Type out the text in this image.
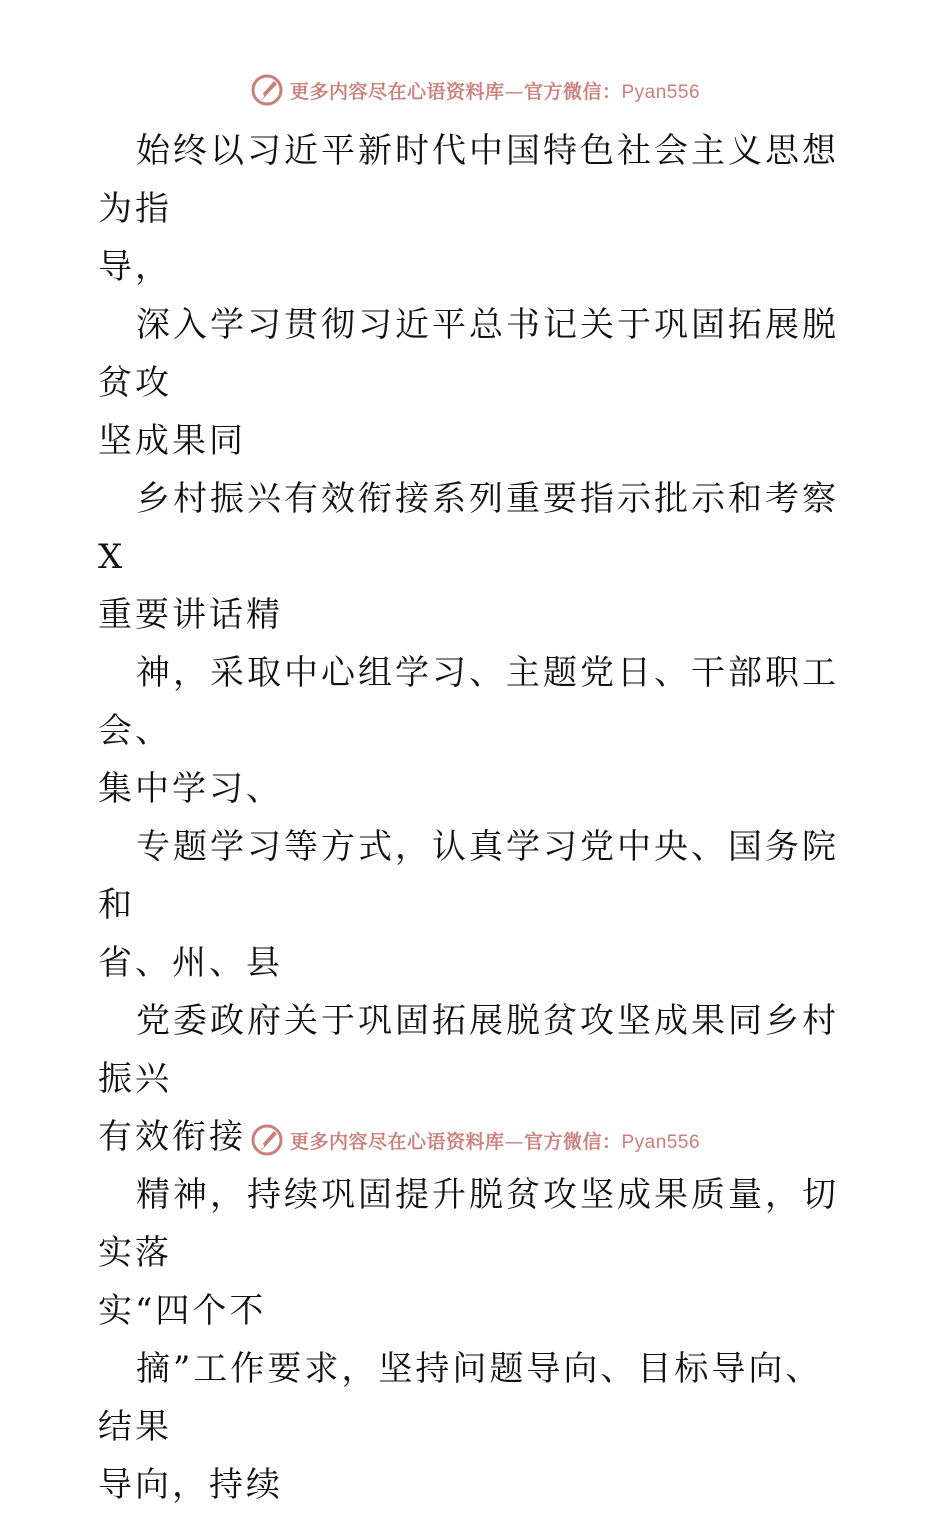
更多内容尽在心语资料库—官方微信：Pyan556

始终以习近平新时代中国特色社会主义思想为指
导，

深入学习贯彻习近平总书记关于巩固拓展脱贫攻
坚成果同

乡村振兴有效衔接系列重要指示批示和考察 X
重要讲话精

神，采取中心组学习、主题党日、干部职工会、
集中学习、

专题学习等方式，认真学习党中央、国务院和
省、州、县

党委政府关于巩固拓展脱贫攻坚成果同乡村振兴
有效衔接

精神，持续巩固提升脱贫攻坚成果质量，切实落
实“四个不

摘”工作要求，坚持问题导向、目标导向、结果
导向，持续

更多内容尽在心语资料库—官方微信：Pyan556
